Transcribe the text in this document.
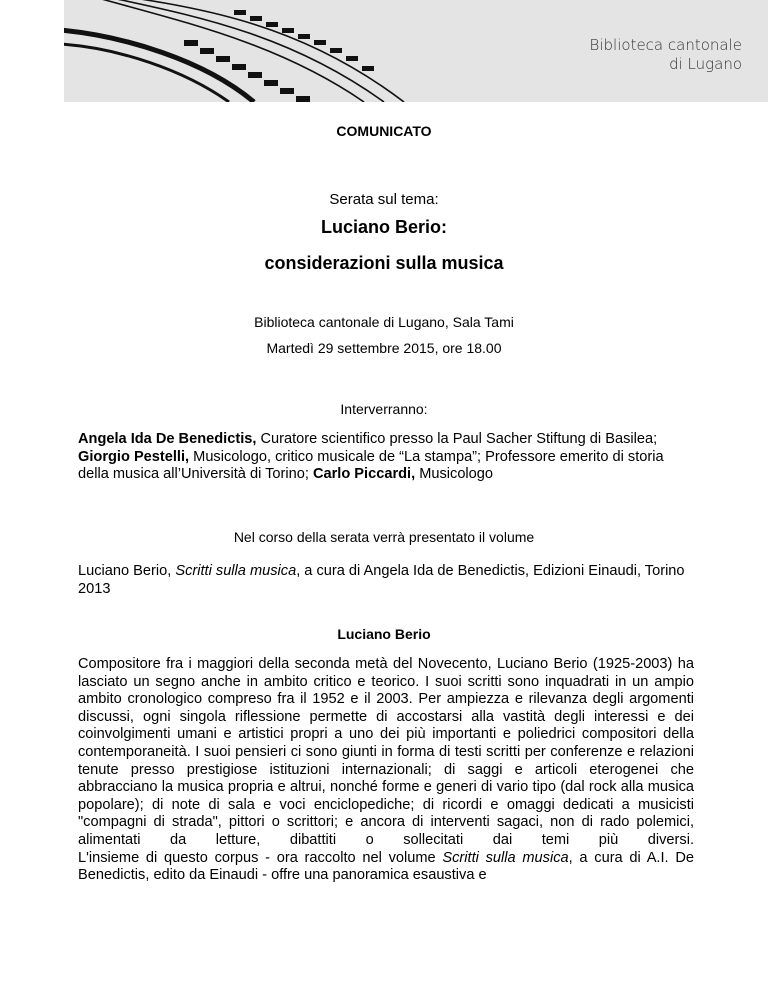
Biblioteca cantonale
di Lugano
COMUNICATO
Serata sul tema:
Luciano Berio:
considerazioni sulla musica
Biblioteca cantonale di Lugano, Sala Tami
Martedì 29 settembre 2015, ore 18.00
Interverranno:
Angela Ida De Benedictis, Curatore scientifico presso la Paul Sacher Stiftung di Basilea; Giorgio Pestelli, Musicologo, critico musicale de “La stampa”; Professore emerito di storia della musica all’Università di Torino; Carlo Piccardi, Musicologo
Nel corso della serata verrà presentato il volume
Luciano Berio, Scritti sulla musica, a cura di Angela Ida de Benedictis, Edizioni Einaudi, Torino 2013
Luciano Berio
Compositore fra i maggiori della seconda metà del Novecento, Luciano Berio (1925-2003) ha lasciato un segno anche in ambito critico e teorico. I suoi scritti sono inquadrati in un ampio ambito cronologico compreso fra il 1952 e il 2003. Per ampiezza e rilevanza degli argomenti discussi, ogni singola riflessione permette di accostarsi alla vastità degli interessi e dei coinvolgimenti umani e artistici propri a uno dei più importanti e poliedrici compositori della contemporaneità. I suoi pensieri ci sono giunti in forma di testi scritti per conferenze e relazioni tenute presso prestigiose istituzioni internazionali; di saggi e articoli eterogenei che abbracciano la musica propria e altrui, nonché forme e generi di vario tipo (dal rock alla musica popolare); di note di sala e voci enciclopediche; di ricordi e omaggi dedicati a musicisti "compagni di strada", pittori o scrittori; e ancora di interventi sagaci, non di rado polemici, alimentati da letture, dibattiti o sollecitati dai temi più diversi.
L'insieme di questo corpus - ora raccolto nel volume Scritti sulla musica, a cura di A.I. De Benedictis, edito da Einaudi - offre una panoramica esaustiva e
